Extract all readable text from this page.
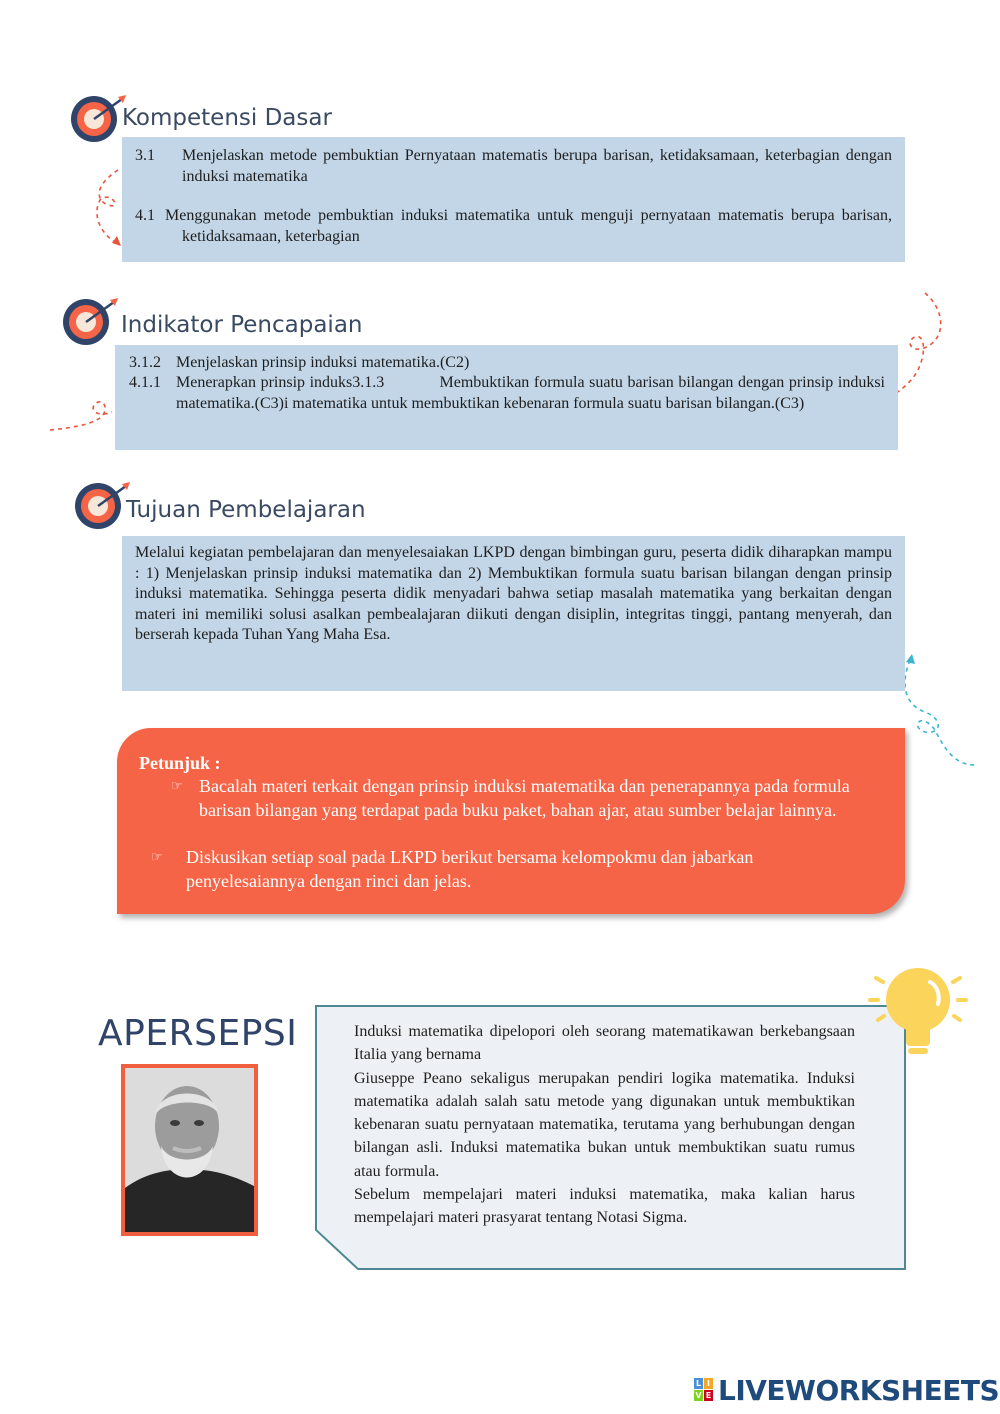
Kompetensi Dasar
3.1 Menjelaskan metode pembuktian Pernyataan matematis berupa barisan, ketidaksamaan, keterbagian dengan induksi matematika
4.1 Menggunakan metode pembuktian induksi matematika untuk menguji pernyataan matematis berupa barisan, ketidaksamaan, keterbagian
Indikator Pencapaian
3.1.2 Menjelaskan prinsip induksi matematika.(C2)
4.1.1 Menerapkan prinsip induks3.1.3            Membuktikan formula suatu barisan bilangan dengan prinsip induksi matematika.(C3)i matematika untuk membuktikan kebenaran formula suatu barisan bilangan.(C3)
Tujuan Pembelajaran
Melalui kegiatan pembelajaran dan menyelesaiakan LKPD dengan bimbingan guru, peserta didik diharapkan mampu : 1) Menjelaskan prinsip induksi matematika dan 2) Membuktikan formula suatu barisan bilangan dengan prinsip induksi matematika. Sehingga peserta didik menyadari bahwa setiap masalah matematika yang berkaitan dengan materi ini memiliki solusi asalkan pembealajaran diikuti dengan disiplin, integritas tinggi, pantang menyerah, dan berserah kepada Tuhan Yang Maha Esa.
Petunjuk :
☞ Bacalah materi terkait dengan prinsip induksi matematika dan penerapannya pada formula barisan bilangan yang terdapat pada buku paket, bahan ajar, atau sumber belajar lainnya.
☞ Diskusikan setiap soal pada LKPD berikut bersama kelompokmu dan jabarkan penyelesaiannya dengan rinci dan jelas.
APERSEPSI	Induksi matematika dipelopori oleh seorang matematikawan berkebangsaan Italia yang bernama

Giuseppe Peano sekaligus merupakan pendiri logika matematika. Induksi matematika adalah salah satu metode yang digunakan untuk membuktikan kebenaran suatu pernyataan matematika, terutama yang berhubungan dengan bilangan asli. Induksi matematika bukan untuk membuktikan suatu rumus atau formula.

Sebelum mempelajari materi induksi matematika, maka kalian harus mempelajari materi prasyarat tentang Notasi Sigma.

L I
V E LIVEWORKSHEETS
